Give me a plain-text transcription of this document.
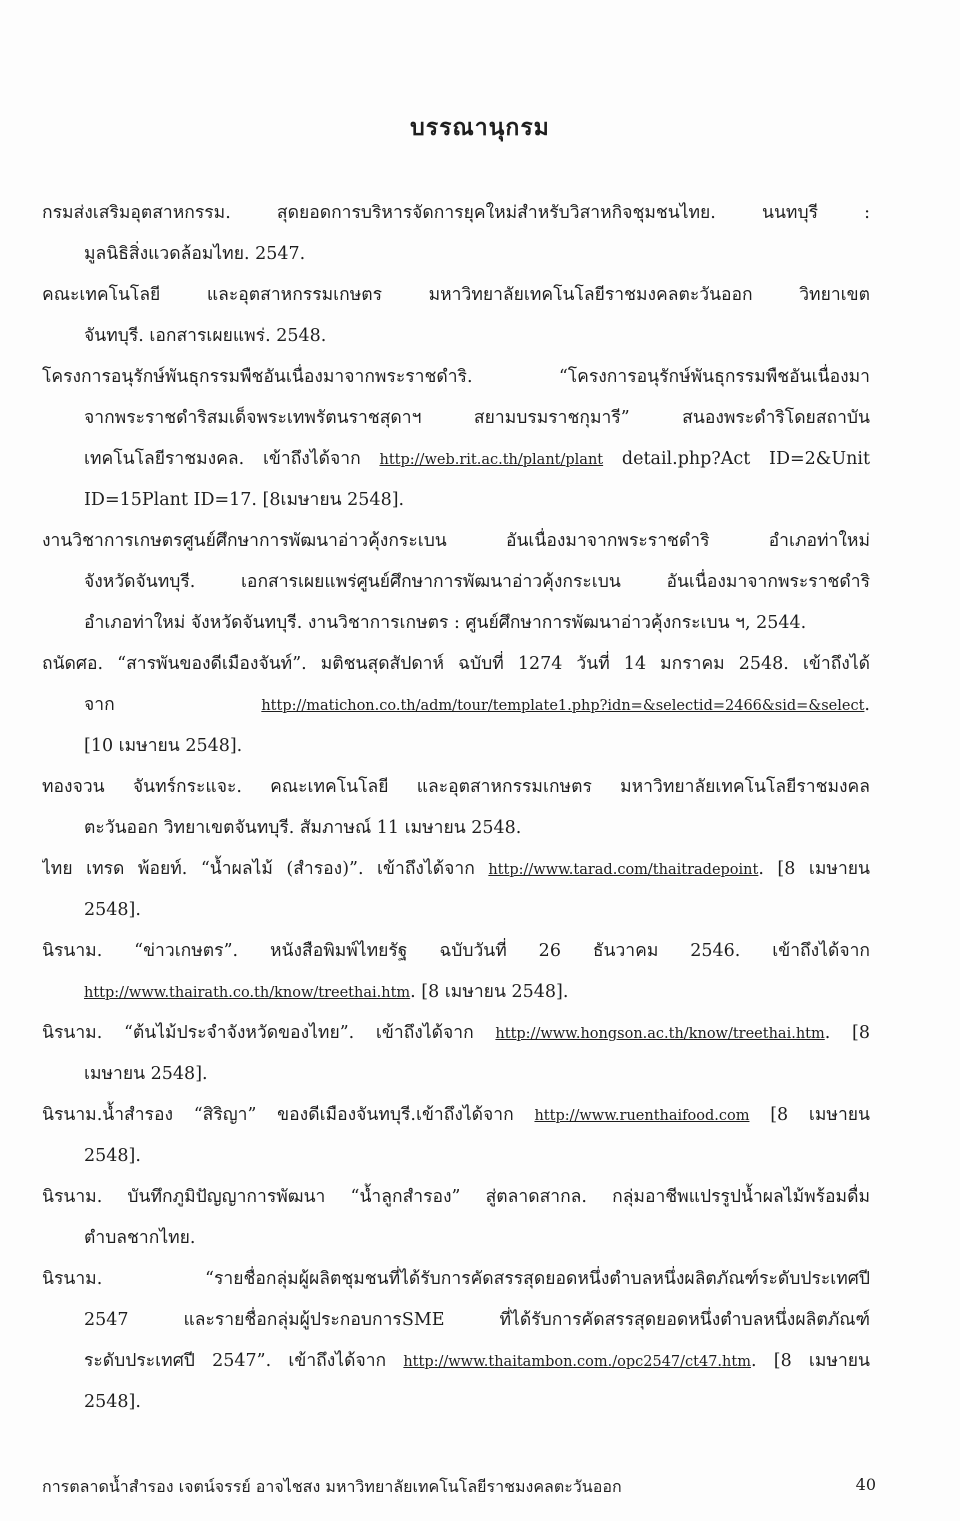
บรรณานุกรม
กรมส่งเสริมอุตสาหกรรม. สุดยอดการบริหารจัดการยุคใหม่สำหรับวิสาหกิจชุมชนไทย. นนทบุรี :
มูลนิธิสิ่งแวดล้อมไทย. 2547.
คณะเทคโนโลยี และอุตสาหกรรมเกษตร มหาวิทยาลัยเทคโนโลยีราชมงคลตะวันออก วิทยาเขต
จันทบุรี. เอกสารเผยแพร่. 2548.
โครงการอนุรักษ์พันธุกรรมพืชอันเนื่องมาจากพระราชดำริ. “โครงการอนุรักษ์พันธุกรรมพืชอันเนื่องมา
จากพระราชดำริสมเด็จพระเทพรัตนราชสุดาฯ สยามบรมราชกุมารี” สนองพระดำริโดยสถาบัน
เทคโนโลยีราชมงคล. เข้าถึงได้จาก http://web.rit.ac.th/plant/plant detail.php?Act ID=2&Unit
ID=15Plant ID=17. [8เมษายน 2548].
งานวิชาการเกษตรศูนย์ศึกษาการพัฒนาอ่าวคุ้งกระเบน อันเนื่องมาจากพระราชดำริ อำเภอท่าใหม่
จังหวัดจันทบุรี. เอกสารเผยแพร่ศูนย์ศึกษาการพัฒนาอ่าวคุ้งกระเบน อันเนื่องมาจากพระราชดำริ
อำเภอท่าใหม่ จังหวัดจันทบุรี. งานวิชาการเกษตร : ศูนย์ศึกษาการพัฒนาอ่าวคุ้งกระเบน ฯ, 2544.
ถนัดศอ. “สารพันของดีเมืองจันท์”. มติชนสุดสัปดาห์ ฉบับที่ 1274 วันที่ 14 มกราคม 2548. เข้าถึงได้
จาก http://matichon.co.th/adm/tour/template1.php?idn=&selectid=2466&sid=&select.
[10 เมษายน 2548].
ทองจวน จันทร์กระแจะ. คณะเทคโนโลยี และอุตสาหกรรมเกษตร มหาวิทยาลัยเทคโนโลยีราชมงคล
ตะวันออก วิทยาเขตจันทบุรี. สัมภาษณ์ 11 เมษายน 2548.
ไทย เทรด พ้อยท์. “น้ำผลไม้ (สำรอง)”. เข้าถึงได้จาก http://www.tarad.com/thaitradepoint. [8 เมษายน
2548].
นิรนาม. “ข่าวเกษตร”. หนังสือพิมพ์ไทยรัฐ ฉบับวันที่ 26 ธันวาคม 2546. เข้าถึงได้จาก
http://www.thairath.co.th/know/treethai.htm. [8 เมษายน 2548].
นิรนาม. “ต้นไม้ประจำจังหวัดของไทย”. เข้าถึงได้จาก http://www.hongson.ac.th/know/treethai.htm. [8
เมษายน 2548].
นิรนาม.น้ำสำรอง “สิริญา” ของดีเมืองจันทบุรี.เข้าถึงได้จาก http://www.ruenthaifood.com [8 เมษายน
2548].
นิรนาม. บันทึกภูมิปัญญาการพัฒนา “น้ำลูกสำรอง” สู่ตลาดสากล. กลุ่มอาชีพแปรรูปน้ำผลไม้พร้อมดื่ม
ตำบลชากไทย.
นิรนาม. “รายชื่อกลุ่มผู้ผลิตชุมชนที่ได้รับการคัดสรรสุดยอดหนึ่งตำบลหนึ่งผลิตภัณฑ์ระดับประเทศปี
2547 และรายชื่อกลุ่มผู้ประกอบการSME ที่ได้รับการคัดสรรสุดยอดหนึ่งตำบลหนึ่งผลิตภัณฑ์
ระดับประเทศปี 2547”. เข้าถึงได้จาก http://www.thaitambon.com./opc2547/ct47.htm. [8 เมษายน
2548].
การตลาดน้ำสำรอง เจตน์จรรย์ อาจไชสง มหาวิทยาลัยเทคโนโลยีราชมงคลตะวันออก	40
